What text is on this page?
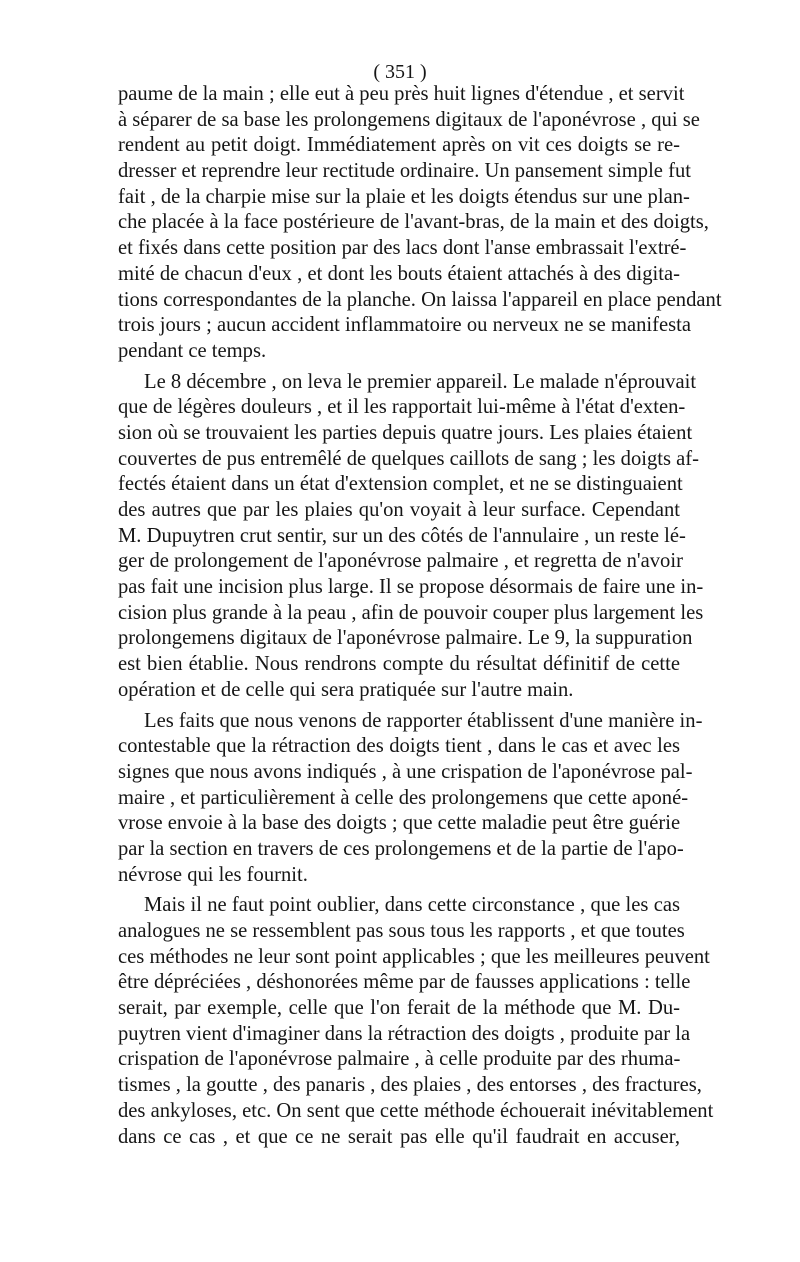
( 351 )
paume de la main ; elle eut à peu près huit lignes d'étendue , et servit
à séparer de sa base les prolongemens digitaux de l'aponévrose , qui se
rendent au petit doigt. Immédiatement après on vit ces doigts se re-
dresser et reprendre leur rectitude ordinaire. Un pansement simple fut
fait , de la charpie mise sur la plaie et les doigts étendus sur une plan-
che placée à la face postérieure de l'avant-bras, de la main et des doigts,
et fixés dans cette position par des lacs dont l'anse embrassait l'extré-
mité de chacun d'eux , et dont les bouts étaient attachés à des digita-
tions correspondantes de la planche. On laissa l'appareil en place pendant
trois jours ; aucun accident inflammatoire ou nerveux ne se manifesta
pendant ce temps.
Le 8 décembre , on leva le premier appareil. Le malade n'éprouvait
que de légères douleurs , et il les rapportait lui-même à l'état d'exten-
sion où se trouvaient les parties depuis quatre jours. Les plaies étaient
couvertes de pus entremêlé de quelques caillots de sang ; les doigts af-
fectés étaient dans un état d'extension complet, et ne se distinguaient
des autres que par les plaies qu'on voyait à leur surface. Cependant
M. Dupuytren crut sentir, sur un des côtés de l'annulaire , un reste lé-
ger de prolongement de l'aponévrose palmaire , et regretta de n'avoir
pas fait une incision plus large. Il se propose désormais de faire une in-
cision plus grande à la peau , afin de pouvoir couper plus largement les
prolongemens digitaux de l'aponévrose palmaire. Le 9, la suppuration
est bien établie. Nous rendrons compte du résultat définitif de cette
opération et de celle qui sera pratiquée sur l'autre main.
Les faits que nous venons de rapporter établissent d'une manière in-
contestable que la rétraction des doigts tient , dans le cas et avec les
signes que nous avons indiqués , à une crispation de l'aponévrose pal-
maire , et particulièrement à celle des prolongemens que cette aponé-
vrose envoie à la base des doigts ; que cette maladie peut être guérie
par la section en travers de ces prolongemens et de la partie de l'apo-
névrose qui les fournit.
Mais il ne faut point oublier, dans cette circonstance , que les cas
analogues ne se ressemblent pas sous tous les rapports , et que toutes
ces méthodes ne leur sont point applicables ; que les meilleures peuvent
être dépréciées , déshonorées même par de fausses applications : telle
serait, par exemple, celle que l'on ferait de la méthode que M. Du-
puytren vient d'imaginer dans la rétraction des doigts , produite par la
crispation de l'aponévrose palmaire , à celle produite par des rhuma-
tismes , la goutte , des panaris , des plaies , des entorses , des fractures,
des ankyloses, etc. On sent que cette méthode échouerait inévitablement
dans ce cas , et que ce ne serait pas elle qu'il faudrait en accuser,
